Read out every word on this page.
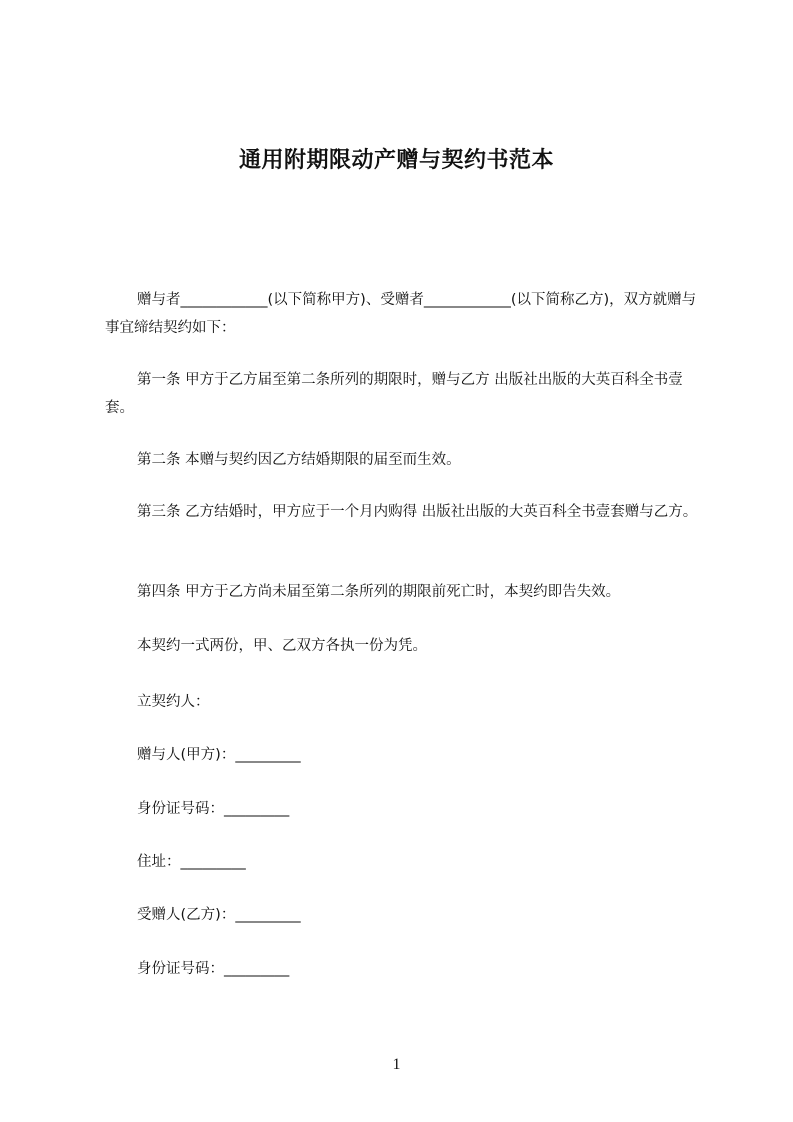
通用附期限动产赠与契约书范本

赠与者____________(以下简称甲方)、受赠者____________(以下简称乙方)，双方就赠与事宜缔结契约如下：

第一条 甲方于乙方届至第二条所列的期限时，赠与乙方 出版社出版的大英百科全书壹套。

第二条 本赠与契约因乙方结婚期限的届至而生效。

第三条 乙方结婚时，甲方应于一个月内购得 出版社出版的大英百科全书壹套赠与乙方。

第四条 甲方于乙方尚未届至第二条所列的期限前死亡时，本契约即告失效。

本契约一式两份，甲、乙双方各执一份为凭。

立契约人：
赠与人(甲方)：_________
身份证号码：_________
住址：_________
受赠人(乙方)：_________
身份证号码：_________
1
